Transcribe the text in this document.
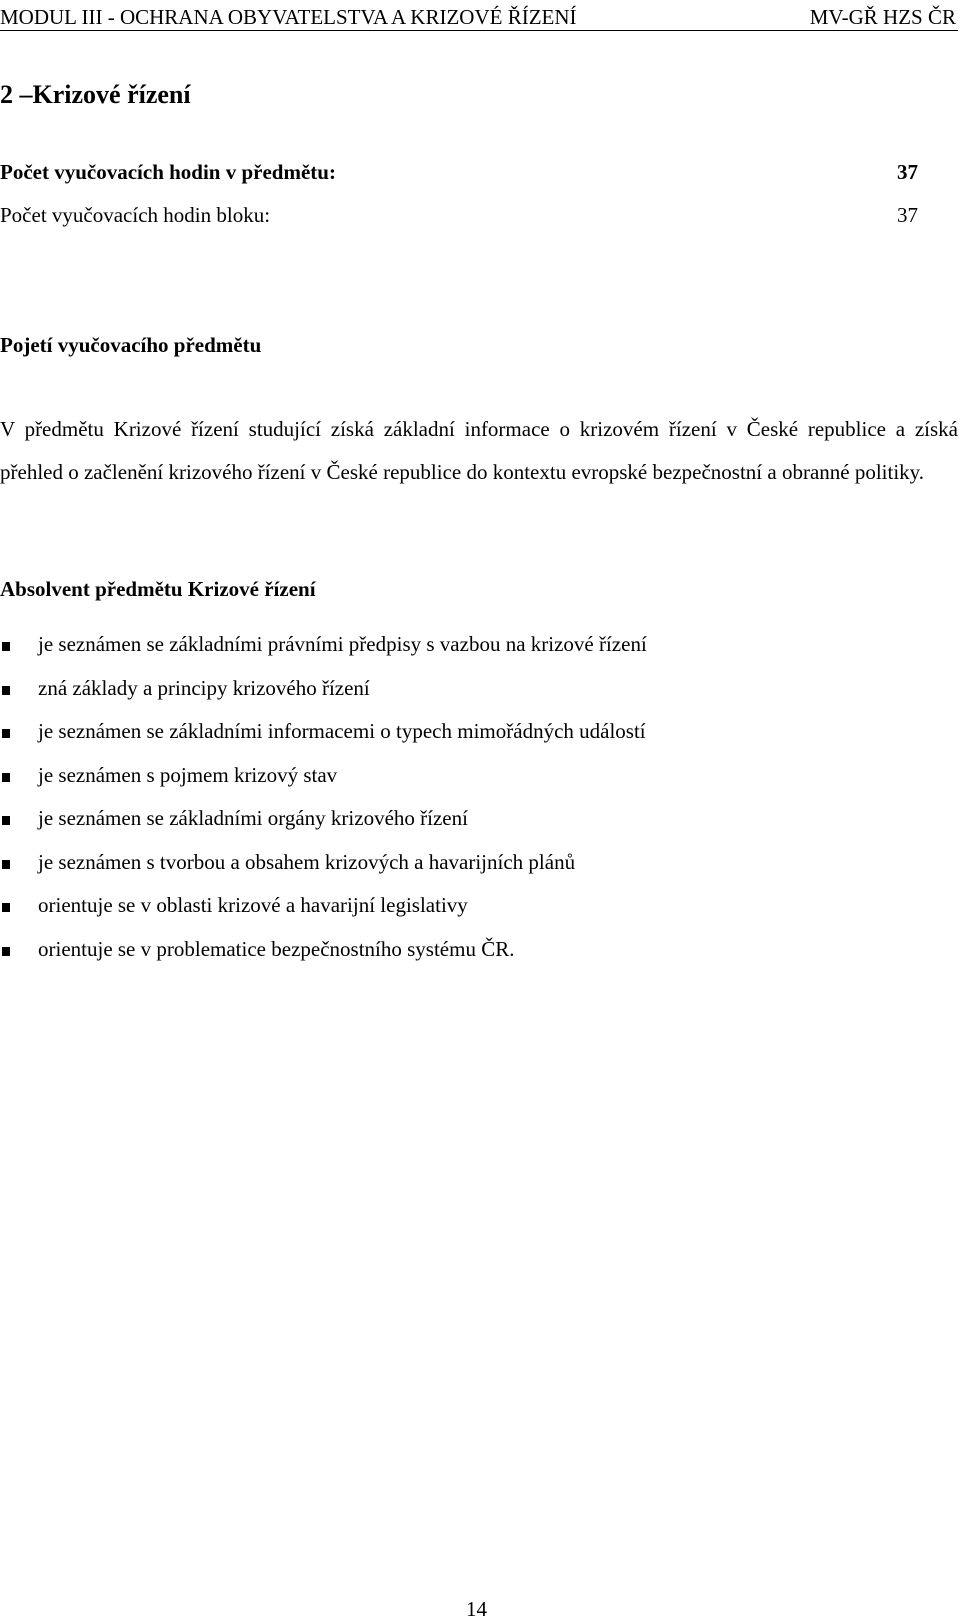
MODUL III - OCHRANA OBYVATELSTVA A KRIZOVÉ ŘÍZENÍ	MV-GŘ HZS ČR
2 –Krizové řízení
Počet vyučovacích hodin v předmětu:	37
Počet vyučovacích hodin bloku:	37
Pojetí vyučovacího předmětu
V předmětu Krizové řízení studující získá základní informace o krizovém řízení v České republice a získá přehled o začlenění krizového řízení v České republice do kontextu evropské bezpečnostní a obranné politiky.
Absolvent předmětu Krizové řízení
je seznámen se základními právními předpisy s vazbou na krizové řízení
zná základy a principy krizového řízení
je seznámen se základními informacemi o typech mimořádných událostí
je seznámen s pojmem krizový stav
je seznámen se základními orgány krizového řízení
je seznámen s tvorbou a obsahem krizových a havarijních plánů
orientuje se v oblasti krizové a havarijní legislativy
orientuje se v problematice bezpečnostního systému ČR.
14
